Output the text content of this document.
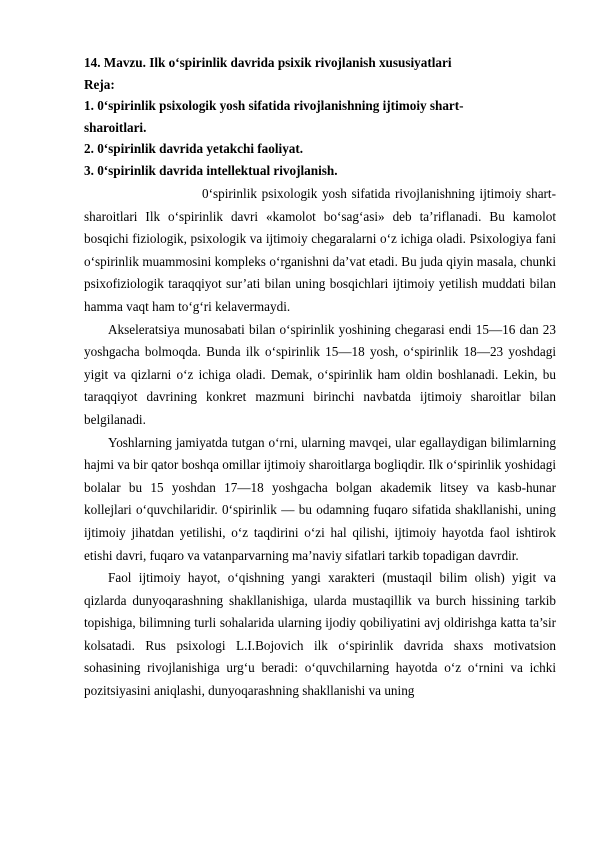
14. Mavzu. Ilk o‘spirinlik davrida psixik rivojlanish xususiyatlari

Reja:

1. 0‘spirinlik psixologik yosh sifatida rivojlanishning ijtimoiy shart-
sharoitlari.

2. 0‘spirinlik davrida yetakchi faoliyat.

3. 0‘spirinlik davrida intellektual rivojlanish.

0‘spirinlik psixologik yosh sifatida rivojlanishning ijtimoiy shart-sharoitlari Ilk o‘spirinlik davri «kamolot bo‘sag‘asi» deb ta’riflanadi. Bu kamolot bosqichi fiziologik, psixologik va ijtimoiy chegaralarni o‘z ichiga oladi. Psixologiya fani o‘spirinlik muammosini kompleks o‘rganishni da’vat etadi. Bu juda qiyin masala, chunki psixofiziologik taraqqiyot sur’ati bilan uning bosqichlari ijtimoiy yetilish muddati bilan hamma vaqt ham to‘g‘ri kelavermaydi.

Akseleratsiya munosabati bilan o‘spirinlik yoshining chegarasi endi 15—16 dan 23 yoshgacha bolmoqda. Bunda ilk o‘spirinlik 15—18 yosh, o‘spirinlik 18—23 yoshdagi yigit va qizlarni o‘z ichiga oladi. Demak, o‘spirinlik ham oldin boshlanadi. Lekin, bu taraqqiyot davrining konkret mazmuni birinchi navbatda ijtimoiy sharoitlar bilan belgilanadi.

Yoshlarning jamiyatda tutgan o‘rni, ularning mavqei, ular egallaydigan bilimlarning hajmi va bir qator boshqa omillar ijtimoiy sharoitlarga bogliqdir. Ilk o‘spirinlik yoshidagi bolalar bu 15 yoshdan 17—18 yoshgacha bolgan akademik litsey va kasb-hunar kollejlari o‘quvchilaridir. 0‘spirinlik — bu odamning fuqaro sifatida shakllanishi, uning ijtimoiy jihatdan yetilishi, o‘z taqdirini o‘zi hal qilishi, ijtimoiy hayotda faol ishtirok etishi davri, fuqaro va vatanparvarning ma’naviy sifatlari tarkib topadigan davrdir.

Faol ijtimoiy hayot, o‘qishning yangi xarakteri (mustaqil bilim olish) yigit va qizlarda dunyoqarashning shakllanishiga, ularda mustaqillik va burch hissining tarkib topishiga, bilimning turli sohalarida ularning ijodiy qobiliyatini avj oldirishga katta ta’sir kolsatadi. Rus psixologi L.I.Bojovich ilk o‘spirinlik davrida shaxs motivatsion sohasining rivojlanishiga urg‘u beradi: o‘quvchilarning hayotda o‘z o‘rnini va ichki pozitsiyasini aniqlashi, dunyoqarashning shakllanishi va uning
